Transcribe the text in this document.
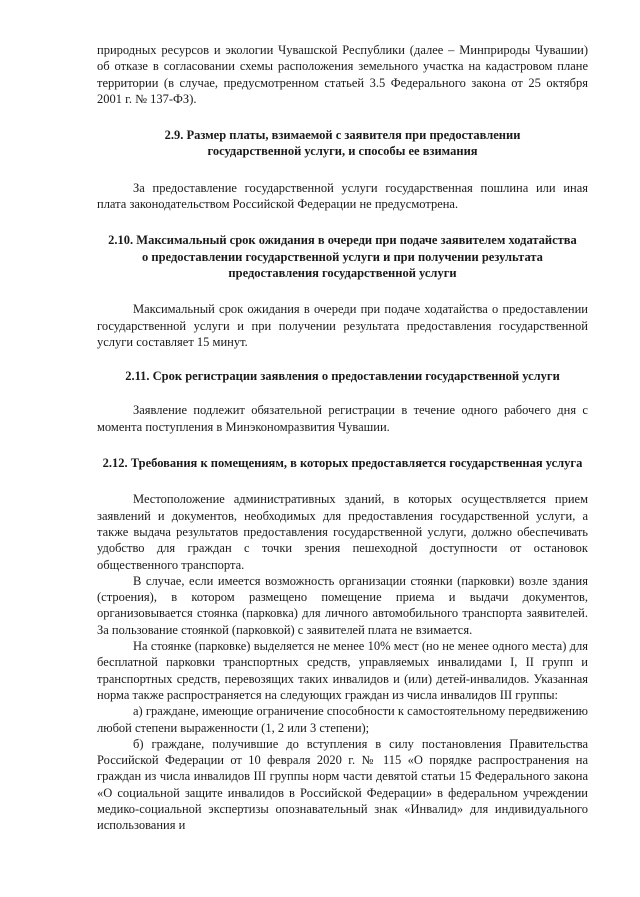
природных ресурсов и экологии Чувашской Республики (далее – Минприроды Чувашии) об отказе в согласовании схемы расположения земельного участка на кадастровом плане территории (в случае, предусмотренном статьей 3.5 Федерального закона от 25 октября 2001 г. № 137-ФЗ).

2.9. Размер платы, взимаемой с заявителя при предоставлении государственной услуги, и способы ее взимания

За предоставление государственной услуги государственная пошлина или иная плата законодательством Российской Федерации не предусмотрена.

2.10. Максимальный срок ожидания в очереди при подаче заявителем ходатайства о предоставлении государственной услуги и при получении результата предоставления государственной услуги

Максимальный срок ожидания в очереди при подаче ходатайства о предоставлении государственной услуги и при получении результата предоставления государственной услуги составляет 15 минут.

2.11. Срок регистрации заявления о предоставлении государственной услуги

Заявление подлежит обязательной регистрации в течение одного рабочего дня с момента поступления в Минэкономразвития Чувашии.

2.12. Требования к помещениям, в которых предоставляется государственная услуга

Местоположение административных зданий, в которых осуществляется прием заявлений и документов, необходимых для предоставления государственной услуги, а также выдача результатов предоставления государственной услуги, должно обеспечивать удобство для граждан с точки зрения пешеходной доступности от остановок общественного транспорта.

В случае, если имеется возможность организации стоянки (парковки) возле здания (строения), в котором размещено помещение приема и выдачи документов, организовывается стоянка (парковка) для личного автомобильного транспорта заявителей. За пользование стоянкой (парковкой) с заявителей плата не взимается.

На стоянке (парковке) выделяется не менее 10% мест (но не менее одного места) для бесплатной парковки транспортных средств, управляемых инвалидами I, II групп и транспортных средств, перевозящих таких инвалидов и (или) детей-инвалидов. Указанная норма также распространяется на следующих граждан из числа инвалидов III группы:

а) граждане, имеющие ограничение способности к самостоятельному передвижению любой степени выраженности (1, 2 или 3 степени);

б) граждане, получившие до вступления в силу постановления Правительства Российской Федерации от 10 февраля 2020 г. № 115 «О порядке распространения на граждан из числа инвалидов III группы норм части девятой статьи 15 Федерального закона «О социальной защите инвалидов в Российской Федерации» в федеральном учреждении медико-социальной экспертизы опознавательный знак «Инвалид» для индивидуального использования и
